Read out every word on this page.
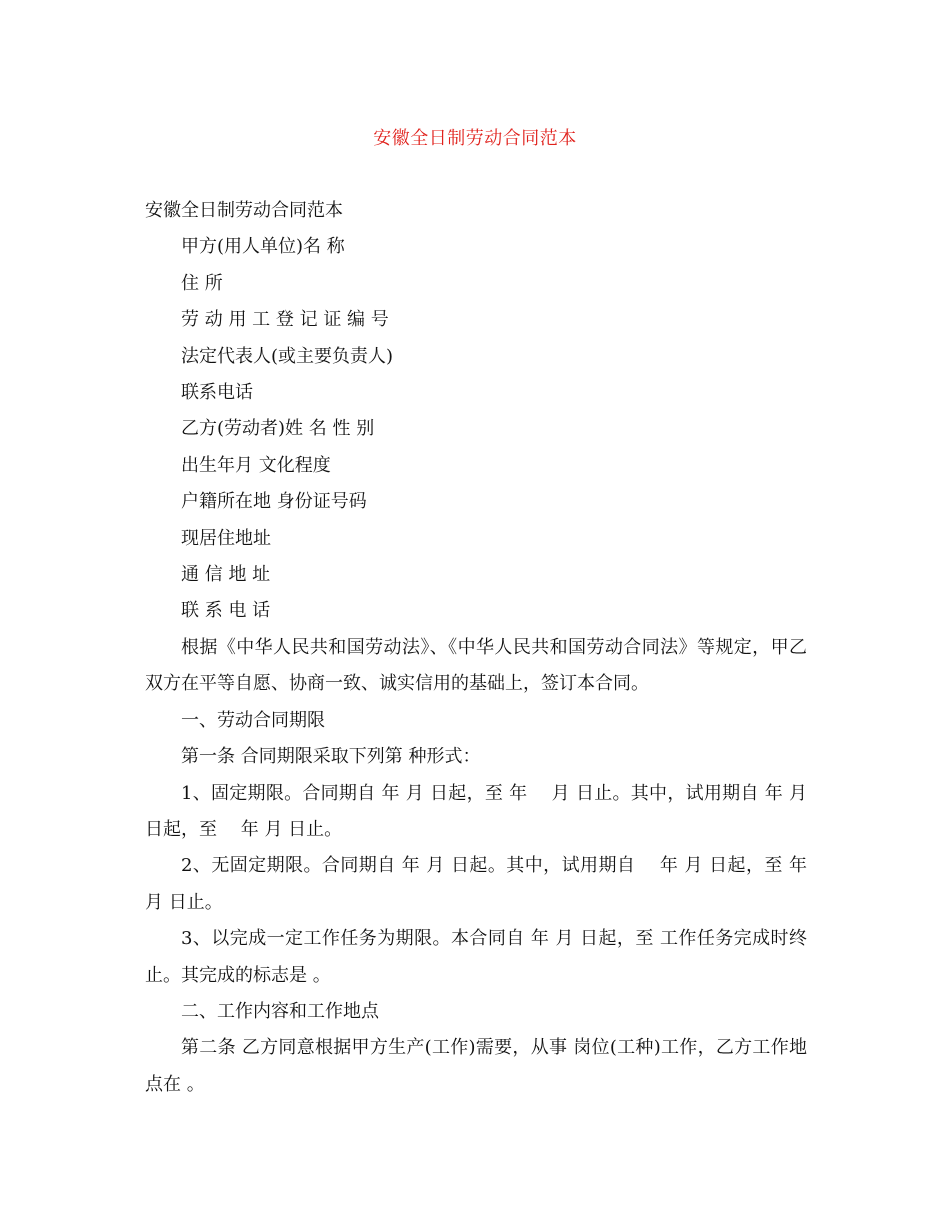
安徽全日制劳动合同范本

安徽全日制劳动合同范本

甲方(用人单位)名 称

住 所

劳 动 用 工 登 记 证 编 号

法定代表人(或主要负责人)

联系电话

乙方(劳动者)姓 名 性 别

出生年月 文化程度

户籍所在地 身份证号码

现居住地址

通 信 地 址

联 系 电 话

根据《中华人民共和国劳动法》、《中华人民共和国劳动合同法》等规定，甲乙双方在平等自愿、协商一致、诚实信用的基础上，签订本合同。

一、劳动合同期限

第一条 合同期限采取下列第 种形式：

1、固定期限。合同期自 年 月 日起，至 年　 月 日止。其中，试用期自 年 月日起，至　 年 月 日止。

2、无固定期限。合同期自 年 月 日起。其中，试用期自　 年 月 日起，至 年 月 日止。

3、以完成一定工作任务为期限。本合同自 年 月 日起，至 工作任务完成时终止。其完成的标志是 。

二、工作内容和工作地点

第二条 乙方同意根据甲方生产(工作)需要，从事 岗位(工种)工作，乙方工作地点在 。
